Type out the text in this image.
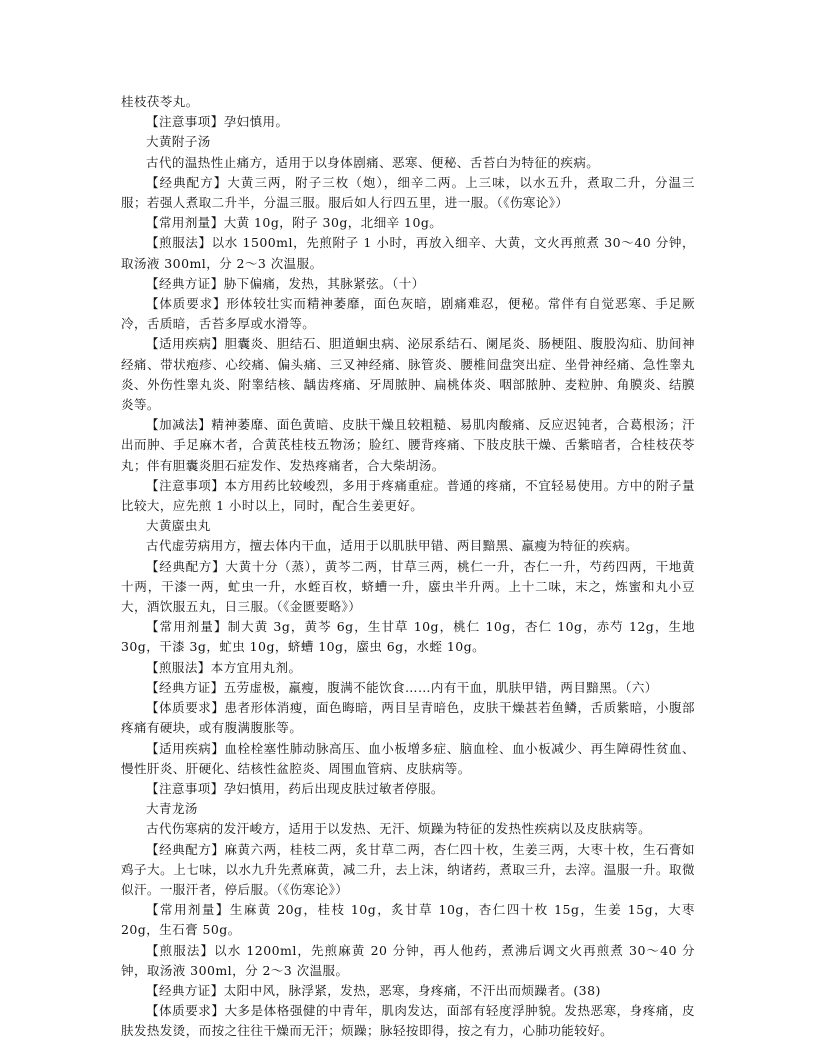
桂枝茯苓丸。
【注意事项】孕妇慎用。
大黄附子汤
古代的温热性止痛方，适用于以身体剧痛、恶寒、便秘、舌苔白为特征的疾病。
【经典配方】大黄三两，附子三枚（炮），细辛二两。上三味，以水五升，煮取二升，分温三服；若强人煮取二升半，分温三服。服后如人行四五里，进一服。（《伤寒论》）
【常用剂量】大黄 10g，附子 30g，北细辛 10g。
【煎服法】以水 1500ml，先煎附子 1 小时，再放入细辛、大黄，文火再煎煮 30～40 分钟，取汤液 300ml，分 2～3 次温服。
【经典方证】胁下偏痛，发热，其脉紧弦。（十）
【体质要求】形体较壮实而精神萎靡，面色灰暗，剧痛难忍，便秘。常伴有自觉恶寒、手足厥冷，舌质暗，舌苔多厚或水滑等。
【适用疾病】胆囊炎、胆结石、胆道蛔虫病、泌尿系结石、阑尾炎、肠梗阻、腹股沟疝、肋间神经痛、带状疱疹、心绞痛、偏头痛、三叉神经痛、脉管炎、腰椎间盘突出症、坐骨神经痛、急性睾丸炎、外伤性睾丸炎、附睾结核、龋齿疼痛、牙周脓肿、扁桃体炎、咽部脓肿、麦粒肿、角膜炎、结膜炎等。
【加减法】精神萎靡、面色黄暗、皮肤干燥且较粗糙、易肌肉酸痛、反应迟钝者，合葛根汤；汗出而肿、手足麻木者，合黄芪桂枝五物汤；脸红、腰背疼痛、下肢皮肤干燥、舌紫暗者，合桂枝茯苓丸；伴有胆囊炎胆石症发作、发热疼痛者，合大柴胡汤。
【注意事项】本方用药比较峻烈，多用于疼痛重症。普通的疼痛，不宜轻易使用。方中的附子量比较大，应先煎 1 小时以上，同时，配合生姜更好。
大黄䗪虫丸
古代虚劳病用方，擅去体内干血，适用于以肌肤甲错、两目黯黑、羸瘦为特征的疾病。
【经典配方】大黄十分（蒸），黄芩二两，甘草三两，桃仁一升，杏仁一升，芍药四两，干地黄十两，干漆一两，虻虫一升，水蛭百枚，蛴螬一升，䗪虫半升两。上十二味，末之，炼蜜和丸小豆大，酒饮服五丸，日三服。（《金匮要略》）
【常用剂量】制大黄 3g，黄芩 6g，生甘草 10g，桃仁 10g，杏仁 10g，赤芍 12g，生地 30g，干漆 3g，虻虫 10g，蛴螬 10g，䗪虫 6g，水蛭 10g。
【煎服法】本方宜用丸剂。
【经典方证】五劳虚极，羸瘦，腹满不能饮食……内有干血，肌肤甲错，两目黯黑。（六）
【体质要求】患者形体消瘦，面色晦暗，两目呈青暗色，皮肤干燥甚若鱼鳞，舌质紫暗，小腹部疼痛有硬块，或有腹满腹胀等。
【适用疾病】血栓栓塞性肺动脉高压、血小板增多症、脑血栓、血小板减少、再生障碍性贫血、慢性肝炎、肝硬化、结核性盆腔炎、周围血管病、皮肤病等。
【注意事项】孕妇慎用，药后出现皮肤过敏者停服。
大青龙汤
古代伤寒病的发汗峻方，适用于以发热、无汗、烦躁为特征的发热性疾病以及皮肤病等。
【经典配方】麻黄六两，桂枝二两，炙甘草二两，杏仁四十枚，生姜三两，大枣十枚，生石膏如鸡子大。上七味，以水九升先煮麻黄，减二升，去上沫，纳诸药，煮取三升，去滓。温服一升。取微似汗。一服汗者，停后服。（《伤寒论》）
【常用剂量】生麻黄 20g，桂枝 10g，炙甘草 10g，杏仁四十枚 15g，生姜 15g，大枣 20g，生石膏 50g。
【煎服法】以水 1200ml，先煎麻黄 20 分钟，再人他药，煮沸后调文火再煎煮 30～40 分钟，取汤液 300ml，分 2～3 次温服。
【经典方证】太阳中风，脉浮紧，发热，恶寒，身疼痛，不汗出而烦躁者。(38)
【体质要求】大多是体格强健的中青年，肌肉发达，面部有轻度浮肿貌。发热恶寒，身疼痛，皮肤发热发烫，而按之往往干燥而无汗；烦躁；脉轻按即得，按之有力，心肺功能较好。
